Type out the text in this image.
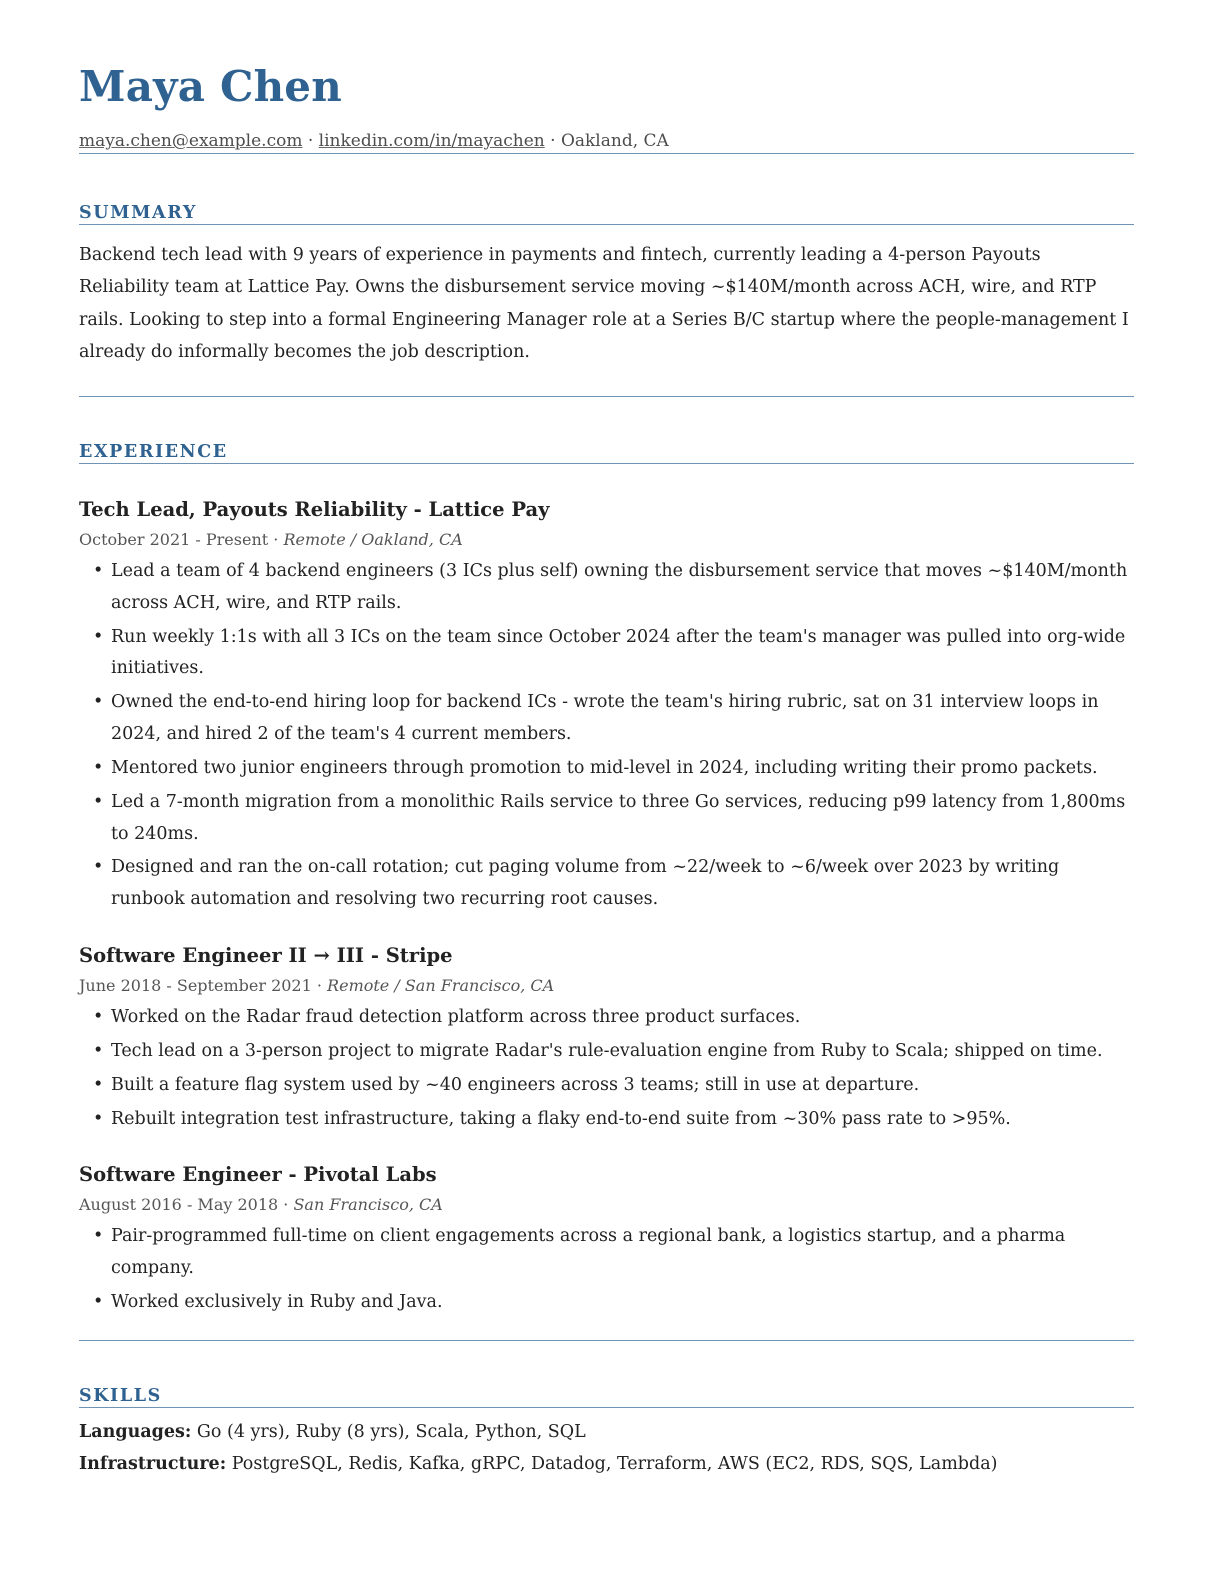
Maya Chen
maya.chen@example.com · linkedin.com/in/mayachen · Oakland, CA
SUMMARY
Backend tech lead with 9 years of experience in payments and fintech, currently leading a 4-person Payouts Reliability team at Lattice Pay. Owns the disbursement service moving ~$140M/month across ACH, wire, and RTP rails. Looking to step into a formal Engineering Manager role at a Series B/C startup where the people-management I already do informally becomes the job description.
EXPERIENCE
Tech Lead, Payouts Reliability - Lattice Pay
October 2021 - Present · Remote / Oakland, CA
• Lead a team of 4 backend engineers (3 ICs plus self) owning the disbursement service that moves ~$140M/month across ACH, wire, and RTP rails.
• Run weekly 1:1s with all 3 ICs on the team since October 2024 after the team's manager was pulled into org-wide initiatives.
• Owned the end-to-end hiring loop for backend ICs - wrote the team's hiring rubric, sat on 31 interview loops in 2024, and hired 2 of the team's 4 current members.
• Mentored two junior engineers through promotion to mid-level in 2024, including writing their promo packets.
• Led a 7-month migration from a monolithic Rails service to three Go services, reducing p99 latency from 1,800ms to 240ms.
• Designed and ran the on-call rotation; cut paging volume from ~22/week to ~6/week over 2023 by writing runbook automation and resolving two recurring root causes.
Software Engineer II → III - Stripe
June 2018 - September 2021 · Remote / San Francisco, CA
• Worked on the Radar fraud detection platform across three product surfaces.
• Tech lead on a 3-person project to migrate Radar's rule-evaluation engine from Ruby to Scala; shipped on time.
• Built a feature flag system used by ~40 engineers across 3 teams; still in use at departure.
• Rebuilt integration test infrastructure, taking a flaky end-to-end suite from ~30% pass rate to >95%.
Software Engineer - Pivotal Labs
August 2016 - May 2018 · San Francisco, CA
• Pair-programmed full-time on client engagements across a regional bank, a logistics startup, and a pharma company.
• Worked exclusively in Ruby and Java.
SKILLS
Languages: Go (4 yrs), Ruby (8 yrs), Scala, Python, SQL
Infrastructure: PostgreSQL, Redis, Kafka, gRPC, Datadog, Terraform, AWS (EC2, RDS, SQS, Lambda)
